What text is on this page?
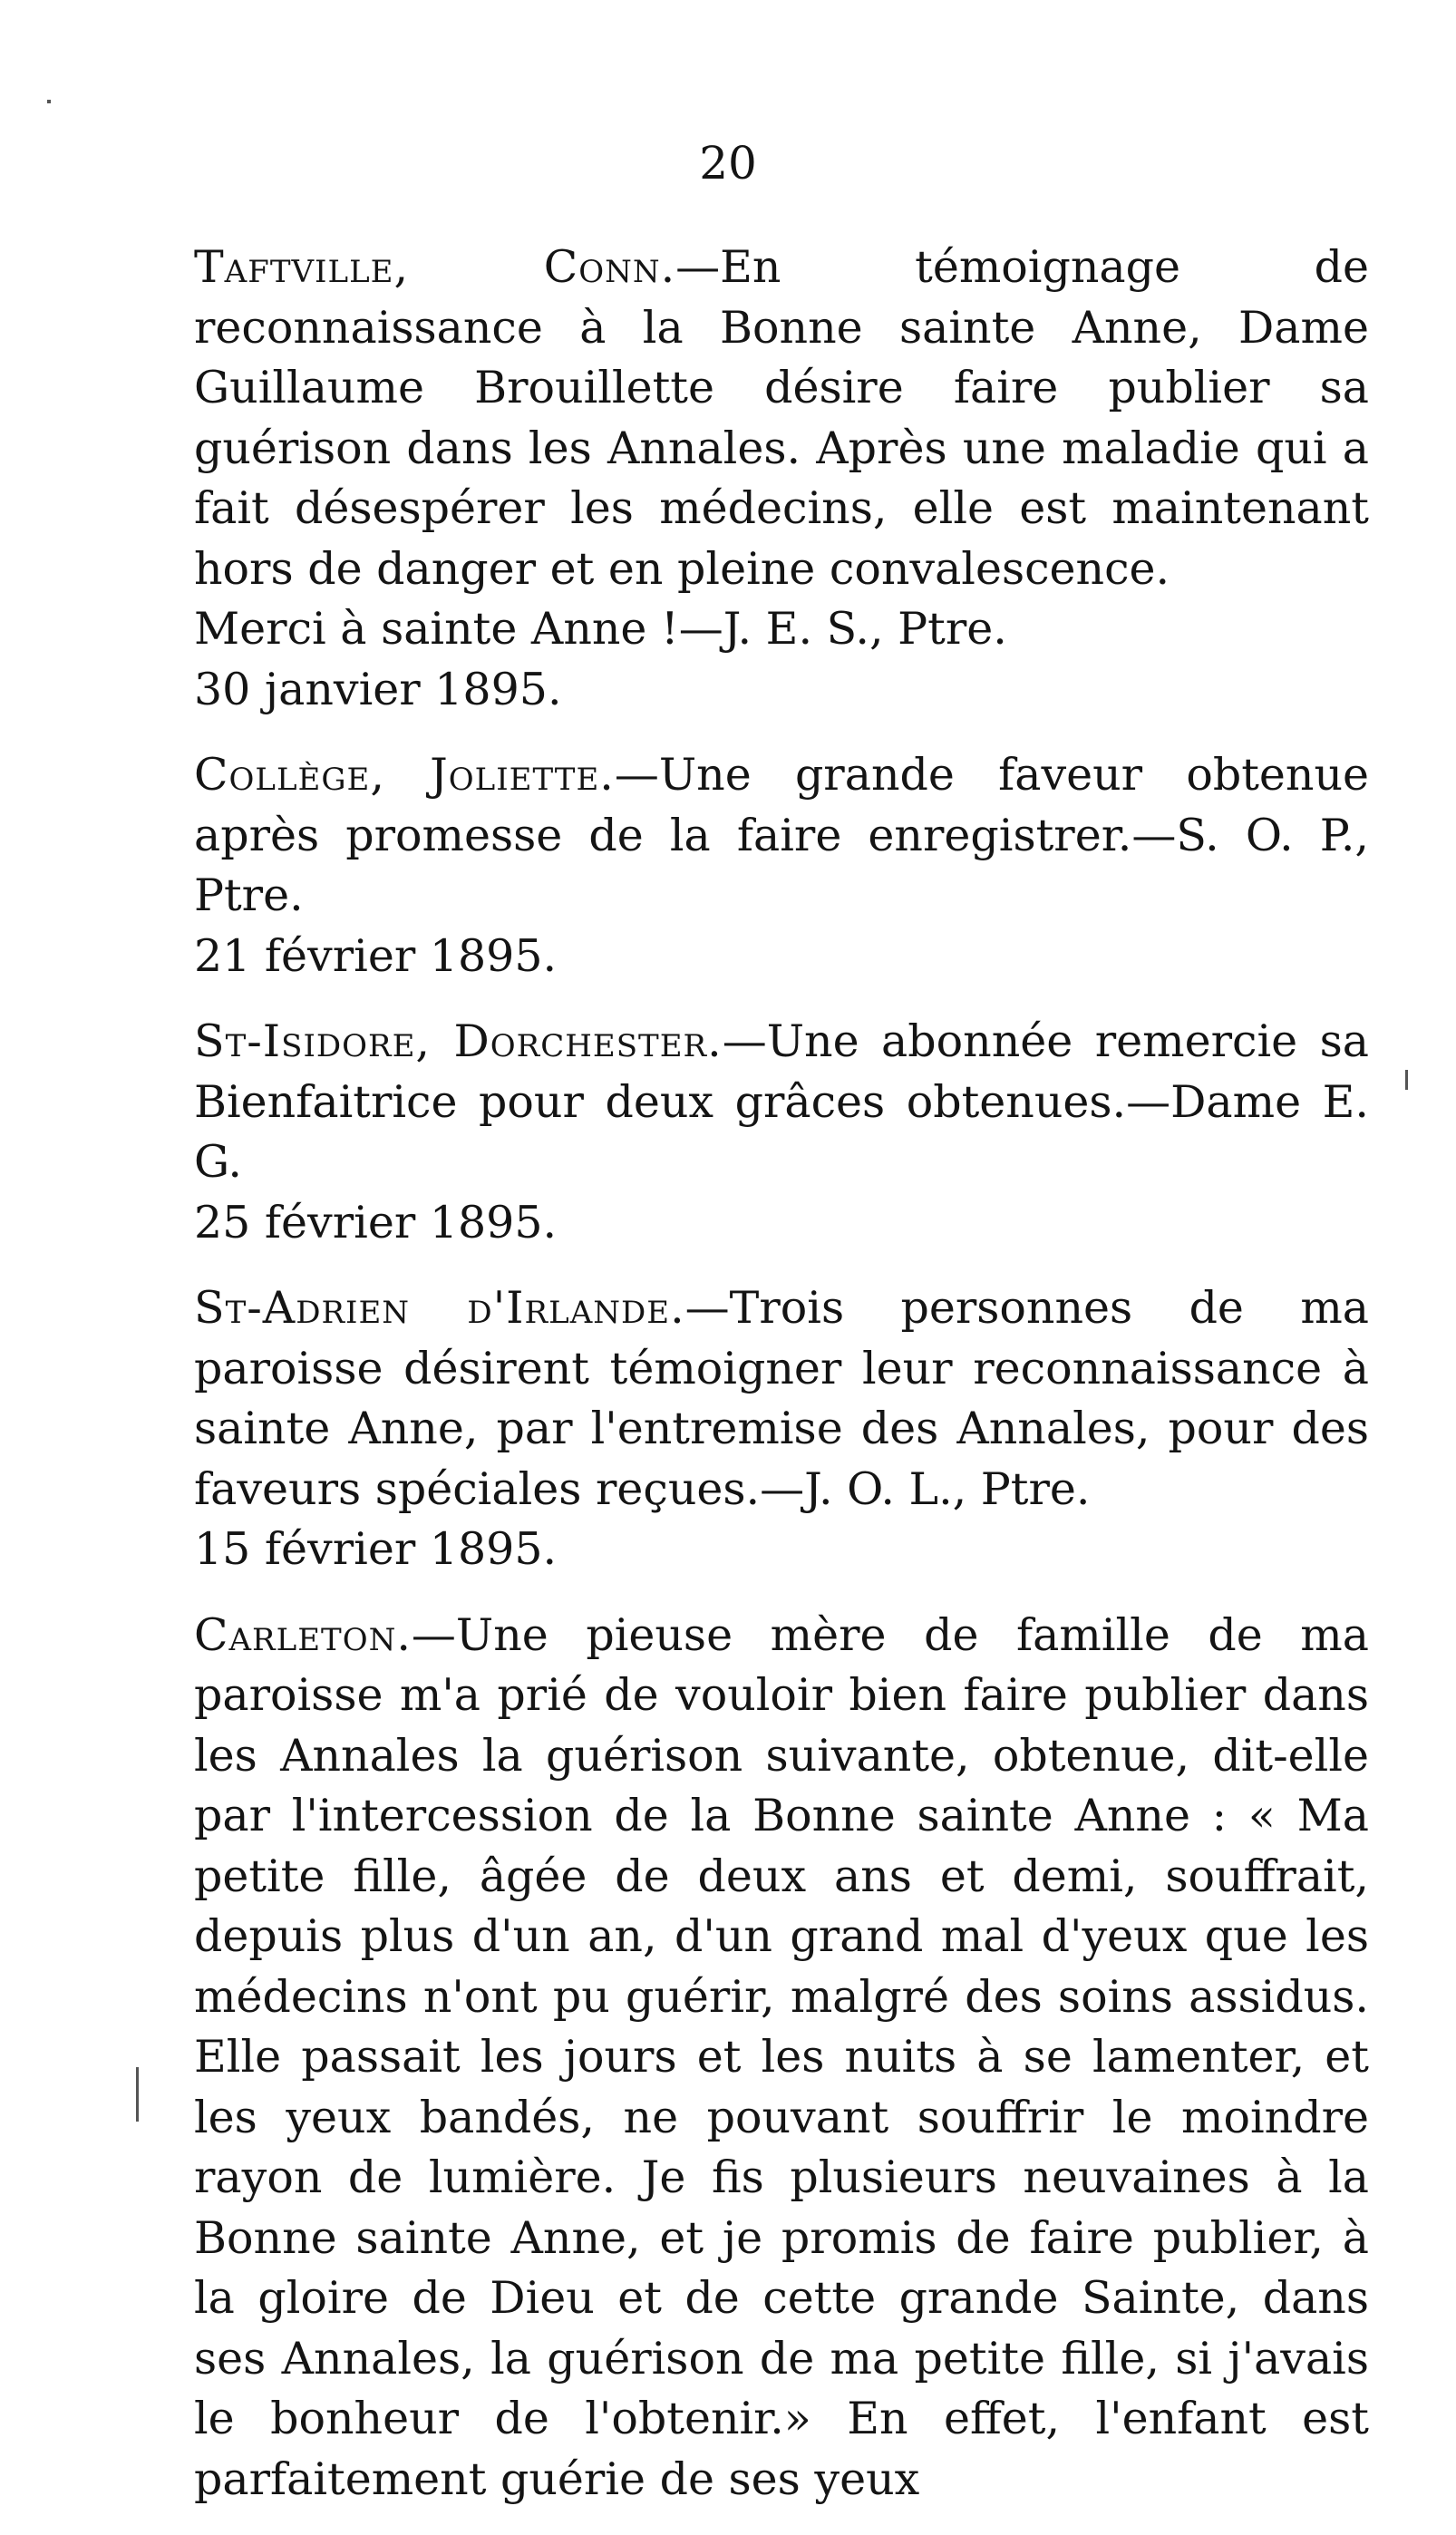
20

Taftville, Conn.—En témoignage de reconnaissance à la Bonne sainte Anne, Dame Guillaume Brouillette désire faire publier sa guérison dans les Annales. Après une maladie qui a fait désespérer les médecins, elle est maintenant hors de danger et en pleine convalescence.

Merci à sainte Anne !—J. E. S., Ptre.
30 janvier 1895.

Collège, Joliette.—Une grande faveur obtenue après promesse de la faire enregistrer.—S. O. P., Ptre.

21 février 1895.

St-Isidore, Dorchester.—Une abonnée remercie sa Bienfaitrice pour deux grâces obtenues.—Dame E. G.

25 février 1895.

St-Adrien d'Irlande.—Trois personnes de ma paroisse désirent témoigner leur reconnaissance à sainte Anne, par l'entremise des Annales, pour des faveurs spéciales reçues.—J. O. L., Ptre.

15 février 1895.

Carleton.—Une pieuse mère de famille de ma paroisse m'a prié de vouloir bien faire publier dans les Annales la guérison suivante, obtenue, dit-elle par l'intercession de la Bonne sainte Anne : « Ma petite fille, âgée de deux ans et demi, souffrait, depuis plus d'un an, d'un grand mal d'yeux que les médecins n'ont pu guérir, malgré des soins assidus. Elle passait les jours et les nuits à se lamenter, et les yeux bandés, ne pouvant souffrir le moindre rayon de lumière. Je fis plusieurs neuvaines à la Bonne sainte Anne, et je promis de faire publier, à la gloire de Dieu et de cette grande Sainte, dans ses Annales, la guérison de ma petite fille, si j'avais le bonheur de l'obtenir.» En effet, l'enfant est parfaitement guérie de ses yeux
